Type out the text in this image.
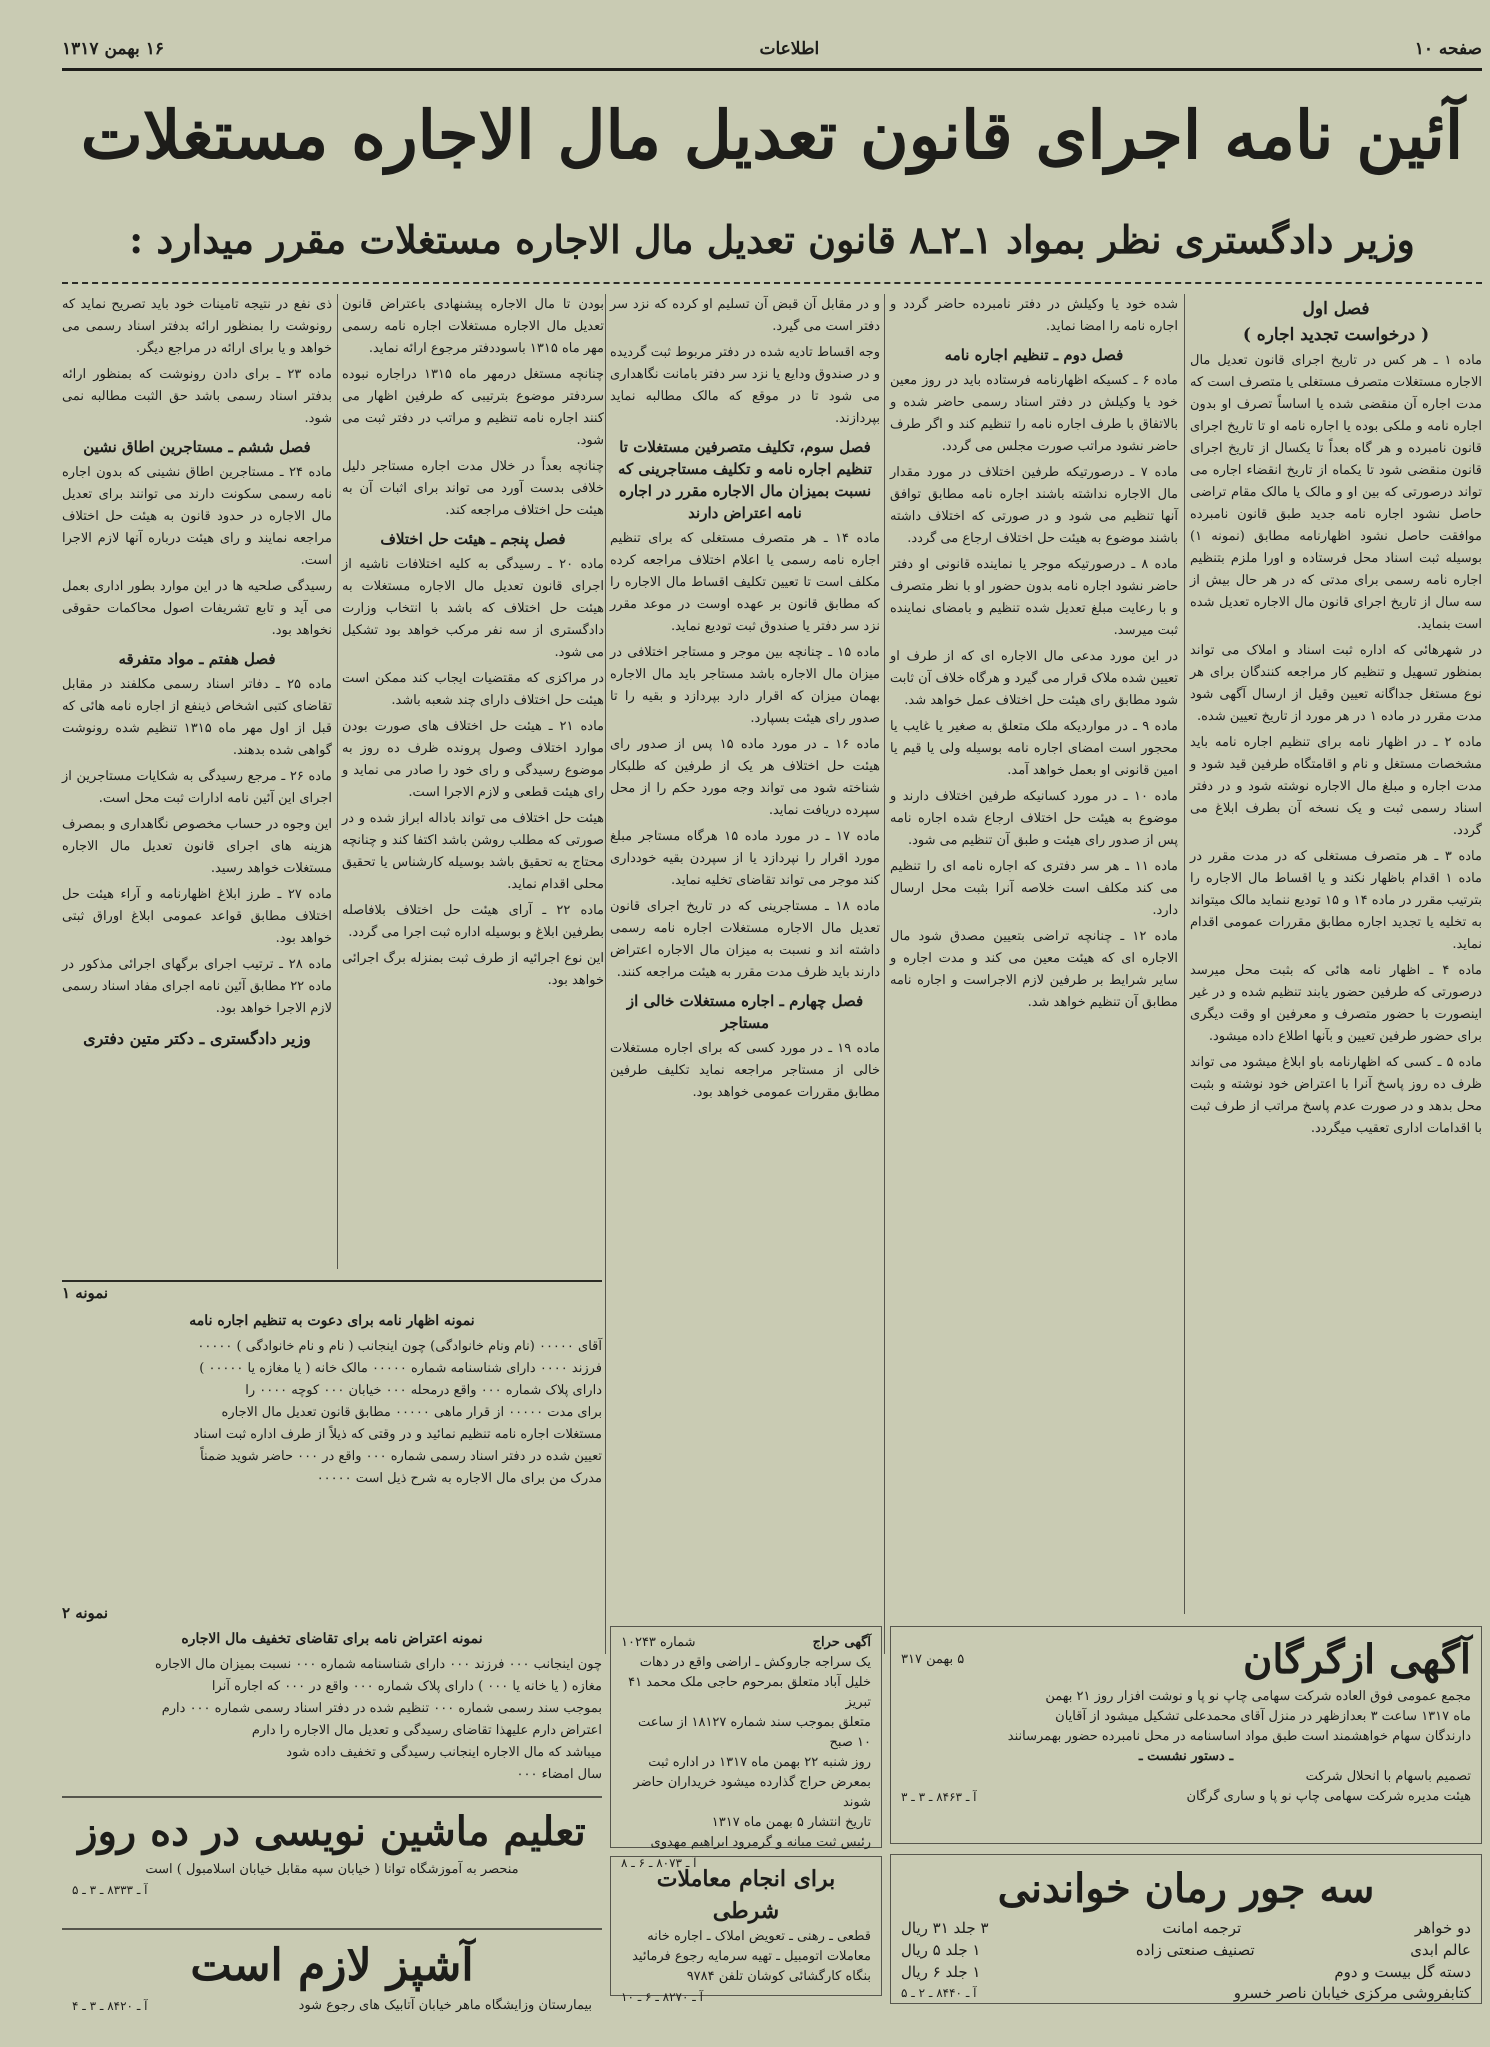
صفحه ۱۰
اطلاعات
۱۶ بهمن ۱۳۱۷
آئین نامه اجرای قانون تعدیل مال الاجاره مستغلات
وزیر دادگستری نظر بمواد ۱ـ۲ـ۸ قانون تعدیل مال الاجاره مستغلات مقرر میدارد :
فصل اول
( درخواست تجدید اجاره )

ماده ۱ ـ هر کس در تاریخ اجرای قانون تعدیل مال الاجاره مستغلات متصرف مستغلی یا متصرف است که مدت اجاره آن منقضی شده یا اساساً تصرف او بدون اجاره نامه و ملکی بوده یا اجاره نامه او تا تاریخ اجرای قانون نامبرده و هر گاه بعداً تا یکسال از تاریخ اجرای قانون منقضی شود تا یکماه از تاریخ انقضاء اجاره می تواند درصورتی که بین او و مالک یا مالک مقام تراضی حاصل نشود اجاره نامه جدید طبق قانون نامبرده موافقت حاصل نشود اظهارنامه مطابق (نمونه ۱) بوسیله ثبت اسناد محل فرستاده و اورا ملزم بتنظیم اجاره نامه رسمی برای مدتی که در هر حال بیش از سه سال از تاریخ اجرای قانون مال الاجاره تعدیل شده است بنماید.

در شهرهائی که اداره ثبت اسناد و املاک می تواند بمنظور تسهیل و تنظیم کار مراجعه کنندگان برای هر نوع مستغل جداگانه تعیین وقیل از ارسال آگهی شود مدت مقرر در ماده ۱ در هر مورد از تاریخ تعیین شده.

ماده ۲ ـ در اظهار نامه برای تنظیم اجاره نامه باید مشخصات مستغل و نام و اقامتگاه طرفین قید شود و مدت اجاره و مبلغ مال الاجاره نوشته شود و در دفتر اسناد رسمی ثبت و یک نسخه آن بطرف ابلاغ می گردد.

ماده ۳ ـ هر متصرف مستغلی که در مدت مقرر در ماده ۱ اقدام باظهار نکند و یا اقساط مال الاجاره را بترتیب مقرر در ماده ۱۴ و ۱۵ تودیع ننماید مالک میتواند به تخلیه یا تجدید اجاره مطابق مقررات عمومی اقدام نماید.

ماده ۴ ـ اظهار نامه هائی که بثبت محل میرسد درصورتی که طرفین حضور یابند تنظیم شده و در غیر اینصورت با حضور متصرف و معرفین او وقت دیگری برای حضور طرفین تعیین و بآنها اطلاع داده میشود.

ماده ۵ ـ کسی که اظهارنامه باو ابلاغ میشود می تواند ظرف ده روز پاسخ آنرا با اعتراض خود نوشته و بثبت محل بدهد و در صورت عدم پاسخ مراتب از طرف ثبت با اقدامات اداری تعقیب میگردد.

شده خود یا وکیلش در دفتر نامبرده حاضر گردد و اجاره نامه را امضا نماید.

فصل دوم ـ تنظیم اجاره نامه

ماده ۶ ـ کسیکه اظهارنامه فرستاده باید در روز معین خود یا وکیلش در دفتر اسناد رسمی حاضر شده و بالاتفاق با طرف اجاره نامه را تنظیم کند و اگر طرف حاضر نشود مراتب صورت مجلس می گردد.

ماده ۷ ـ درصورتیکه طرفین اختلاف در مورد مقدار مال الاجاره نداشته باشند اجاره نامه مطابق توافق آنها تنظیم می شود و در صورتی که اختلاف داشته باشند موضوع به هیئت حل اختلاف ارجاع می گردد.

ماده ۸ ـ درصورتیکه موجر یا نماینده قانونی او دفتر حاضر نشود اجاره نامه بدون حضور او با نظر متصرف و با رعایت مبلغ تعدیل شده تنظیم و بامضای نماینده ثبت میرسد.

در این مورد مدعی مال الاجاره ای که از طرف او تعیین شده ملاک قرار می گیرد و هرگاه خلاف آن ثابت شود مطابق رای هیئت حل اختلاف عمل خواهد شد.

ماده ۹ ـ در مواردیکه ملک متعلق به صغیر یا غایب یا محجور است امضای اجاره نامه بوسیله ولی یا قیم یا امین قانونی او بعمل خواهد آمد.

ماده ۱۰ ـ در مورد کسانیکه طرفین اختلاف دارند و موضوع به هیئت حل اختلاف ارجاع شده اجاره نامه پس از صدور رای هیئت و طبق آن تنظیم می شود.

ماده ۱۱ ـ هر سر دفتری که اجاره نامه ای را تنظیم می کند مکلف است خلاصه آنرا بثبت محل ارسال دارد.

ماده ۱۲ ـ چنانچه تراضی بتعیین مصدق شود مال الاجاره ای که هیئت معین می کند و مدت اجاره و سایر شرایط بر طرفین لازم الاجراست و اجاره نامه مطابق آن تنظیم خواهد شد.

و در مقابل آن قبض آن تسلیم او کرده که نزد سر دفتر است می گیرد.

وجه اقساط تادیه شده در دفتر مربوط ثبت گردیده و در صندوق ودایع یا نزد سر دفتر بامانت نگاهداری می شود تا در موقع که مالک مطالبه نماید بپردازند.

فصل سوم، تکلیف متصرفین مستغلات تا تنظیم اجاره نامه و تکلیف مستاجرینی که نسبت بمیزان مال الاجاره مقرر در اجاره نامه اعتراض دارند

ماده ۱۴ ـ هر متصرف مستغلی که برای تنظیم اجاره نامه رسمی یا اعلام اختلاف مراجعه کرده مکلف است تا تعیین تکلیف اقساط مال الاجاره را که مطابق قانون بر عهده اوست در موعد مقرر نزد سر دفتر یا صندوق ثبت تودیع نماید.

ماده ۱۵ ـ چنانچه بین موجر و مستاجر اختلافی در میزان مال الاجاره باشد مستاجر باید مال الاجاره بهمان میزان که اقرار دارد بپردازد و بقیه را تا صدور رای هیئت بسپارد.

ماده ۱۶ ـ در مورد ماده ۱۵ پس از صدور رای هیئت حل اختلاف هر یک از طرفین که طلبکار شناخته شود می تواند وجه مورد حکم را از محل سپرده دریافت نماید.

ماده ۱۷ ـ در مورد ماده ۱۵ هرگاه مستاجر مبلغ مورد اقرار را نپردازد یا از سپردن بقیه خودداری کند موجر می تواند تقاضای تخلیه نماید.

ماده ۱۸ ـ مستاجرینی که در تاریخ اجرای قانون تعدیل مال الاجاره مستغلات اجاره نامه رسمی داشته اند و نسبت به میزان مال الاجاره اعتراض دارند باید ظرف مدت مقرر به هیئت مراجعه کنند.

فصل چهارم ـ اجاره مستغلات خالی از مستاجر

ماده ۱۹ ـ در مورد کسی که برای اجاره مستغلات خالی از مستاجر مراجعه نماید تکلیف طرفین مطابق مقررات عمومی خواهد بود.

بودن تا مال الاجاره پیشنهادی باعتراض قانون تعدیل مال الاجاره مستغلات اجاره نامه رسمی مهر ماه ۱۳۱۵ باسوددفتر مرجوع ارائه نماید.

چنانچه مستغل درمهر ماه ۱۳۱۵ دراجاره نبوده سردفتر موضوع بترتیبی که طرفین اظهار می کنند اجاره نامه تنظیم و مراتب در دفتر ثبت می شود.

چنانچه بعداً در خلال مدت اجاره مستاجر دلیل خلافی بدست آورد می تواند برای اثبات آن به هیئت حل اختلاف مراجعه کند.

فصل پنجم ـ هیئت حل اختلاف

ماده ۲۰ ـ رسیدگی به کلیه اختلافات ناشیه از اجرای قانون تعدیل مال الاجاره مستغلات به هیئت حل اختلاف که باشد با انتخاب وزارت دادگستری از سه نفر مرکب خواهد بود تشکیل می شود.

در مراکزی که مقتضیات ایجاب کند ممکن است هیئت حل اختلاف دارای چند شعبه باشد.

ماده ۲۱ ـ هیئت حل اختلاف های صورت بودن موارد اختلاف وصول پرونده ظرف ده روز به موضوع رسیدگی و رای خود را صادر می نماید و رای هیئت قطعی و لازم الاجرا است.

هیئت حل اختلاف می تواند باداله ابراز شده و در صورتی که مطلب روشن باشد اکتفا کند و چنانچه محتاج به تحقیق باشد بوسیله کارشناس یا تحقیق محلی اقدام نماید.

ماده ۲۲ ـ آرای هیئت حل اختلاف بلافاصله بطرفین ابلاغ و بوسیله اداره ثبت اجرا می گردد.

این نوع اجرائیه از طرف ثبت بمنزله برگ اجرائی خواهد بود.

ذی نفع در نتیجه تامینات خود باید تصریح نماید که رونوشت را بمنظور ارائه بدفتر اسناد رسمی می خواهد و یا برای ارائه در مراجع دیگر.

ماده ۲۳ ـ برای دادن رونوشت که بمنظور ارائه بدفتر اسناد رسمی باشد حق الثبت مطالبه نمی شود.

فصل ششم ـ مستاجرین اطاق نشین

ماده ۲۴ ـ مستاجرین اطاق نشینی که بدون اجاره نامه رسمی سکونت دارند می توانند برای تعدیل مال الاجاره در حدود قانون به هیئت حل اختلاف مراجعه نمایند و رای هیئت درباره آنها لازم الاجرا است.

رسیدگی صلحیه ها در این موارد بطور اداری بعمل می آید و تابع تشریفات اصول محاکمات حقوقی نخواهد بود.

فصل هفتم ـ مواد متفرقه

ماده ۲۵ ـ دفاتر اسناد رسمی مکلفند در مقابل تقاضای کتبی اشخاص ذینفع از اجاره نامه هائی که قبل از اول مهر ماه ۱۳۱۵ تنظیم شده رونوشت گواهی شده بدهند.

ماده ۲۶ ـ مرجع رسیدگی به شکایات مستاجرین از اجرای این آئین نامه ادارات ثبت محل است.

این وجوه در حساب مخصوص نگاهداری و بمصرف هزینه های اجرای قانون تعدیل مال الاجاره مستغلات خواهد رسید.

ماده ۲۷ ـ طرز ابلاغ اظهارنامه و آراء هیئت حل اختلاف مطابق قواعد عمومی ابلاغ اوراق ثبتی خواهد بود.

ماده ۲۸ ـ ترتیب اجرای برگهای اجرائی مذکور در ماده ۲۲ مطابق آئین نامه اجرای مفاد اسناد رسمی لازم الاجرا خواهد بود.

وزیر دادگستری ـ دکتر متین دفتری
نمونه ۱
نمونه اظهار نامه برای دعوت به تنظیم اجاره نامه
آقای ۰۰۰۰۰ (نام ونام خانوادگی) چون اینجانب ( نام و نام خانوادگی ) ۰۰۰۰۰
فرزند ۰۰۰۰ دارای شناسنامه شماره ۰۰۰۰۰ مالک خانه ( یا مغازه یا ۰۰۰۰۰ )
دارای پلاک شماره ۰۰۰ واقع درمحله ۰۰۰ خیابان ۰۰۰ کوچه ۰۰۰۰ را
برای مدت ۰۰۰۰۰ از قرار ماهی ۰۰۰۰۰ مطابق قانون تعدیل مال الاجاره
مستغلات اجاره نامه تنظیم نمائید و در وقتی که ذیلاً از طرف اداره ثبت اسناد
تعیین شده در دفتر اسناد رسمی شماره ۰۰۰ واقع در ۰۰۰ حاضر شوید ضمناً
مدرک من برای مال الاجاره به شرح ذیل است ۰۰۰۰۰
نمونه ۲
نمونه اعتراض نامه برای تقاضای تخفیف مال الاجاره
چون اینجانب ۰۰۰ فرزند ۰۰۰ دارای شناسنامه شماره ۰۰۰ نسبت بمیزان مال الاجاره
مغازه ( یا خانه یا ۰۰۰ ) دارای پلاک شماره ۰۰۰ واقع در ۰۰۰ که اجاره آنرا
بموجب سند رسمی شماره ۰۰۰ تنظیم شده در دفتر اسناد رسمی شماره ۰۰۰ دارم
اعتراض دارم علیهذا تقاضای رسیدگی و تعدیل مال الاجاره را دارم
میباشد که مال الاجاره اینجانب رسیدگی و تخفیف داده شود
سال امضاء ۰۰۰
آگهی ازگرگان
۵ بهمن ۳۱۷
مجمع عمومی فوق العاده شرکت سهامی چاپ نو پا و نوشت افزار روز ۲۱ بهمن
ماه ۱۳۱۷ ساعت ۳ بعدازظهر در منزل آقای محمدعلی تشکیل میشود از آقایان
دارندگان سهام خواهشمند است طبق مواد اساسنامه در محل نامبرده حضور بهمرسانند
ـ دستور نشست ـ
تصمیم باسهام با انحلال شرکت
هیئت مدیره شرکت سهامی چاپ نو پا و ساری گرگان
آ ـ ۸۴۶۳ ـ ۳ ـ ۳
آگهی حراج
شماره ۱۰۲۴۳
یک سراجه جاروکش ـ اراضی واقع در دهات
خلیل آباد متعلق بمرحوم حاجی ملک محمد ۴۱ تبریز
متعلق بموجب سند شماره ۱۸۱۲۷ از ساعت ۱۰ صبح
روز شنبه ۲۲ بهمن ماه ۱۳۱۷ در اداره ثبت
بمعرض حراج گذارده میشود خریداران حاضر شوند
تاریخ انتشار ۵ بهمن ماه ۱۳۱۷
رئیس ثبت میانه و گرمرود ابراهیم مهدوی
آ ـ ۸۰۷۳ ـ ۶ ـ ۸
تعلیم ماشین نویسی در ده روز
منحصر به آموزشگاه توانا ( خیابان سپه مقابل خیابان اسلامبول ) است
آ ـ ۸۳۳۳ ـ ۳ ـ ۵	برای انجام معاملات شرطی
قطعی ـ رهنی ـ تعویض املاک ـ اجاره خانه
معاملات اتومبیل ـ تهیه سرمایه رجوع فرمائید
بنگاه کارگشائی کوشان تلفن ۹۷۸۴
آ ـ ۸۲۷۰ ـ ۶ ـ ۱۰
آشپز لازم است
بیمارستان وزایشگاه ماهر خیابان آتابیک های رجوع شود
آ ـ ۸۴۲۰ ـ ۳ ـ ۴
سه جور رمان خواندنی
دو خواهر
ترجمه امانت
۳ جلد ۳۱ ریال
عالم ابدی
تصنیف صنعتی زاده
۱ جلد ۵ ریال
دسته گل بیست و دوم
۱ جلد ۶ ریال
کتابفروشی مرکزی خیابان ناصر خسرو
آ ـ ۸۴۴۰ ـ ۲ ـ ۵
